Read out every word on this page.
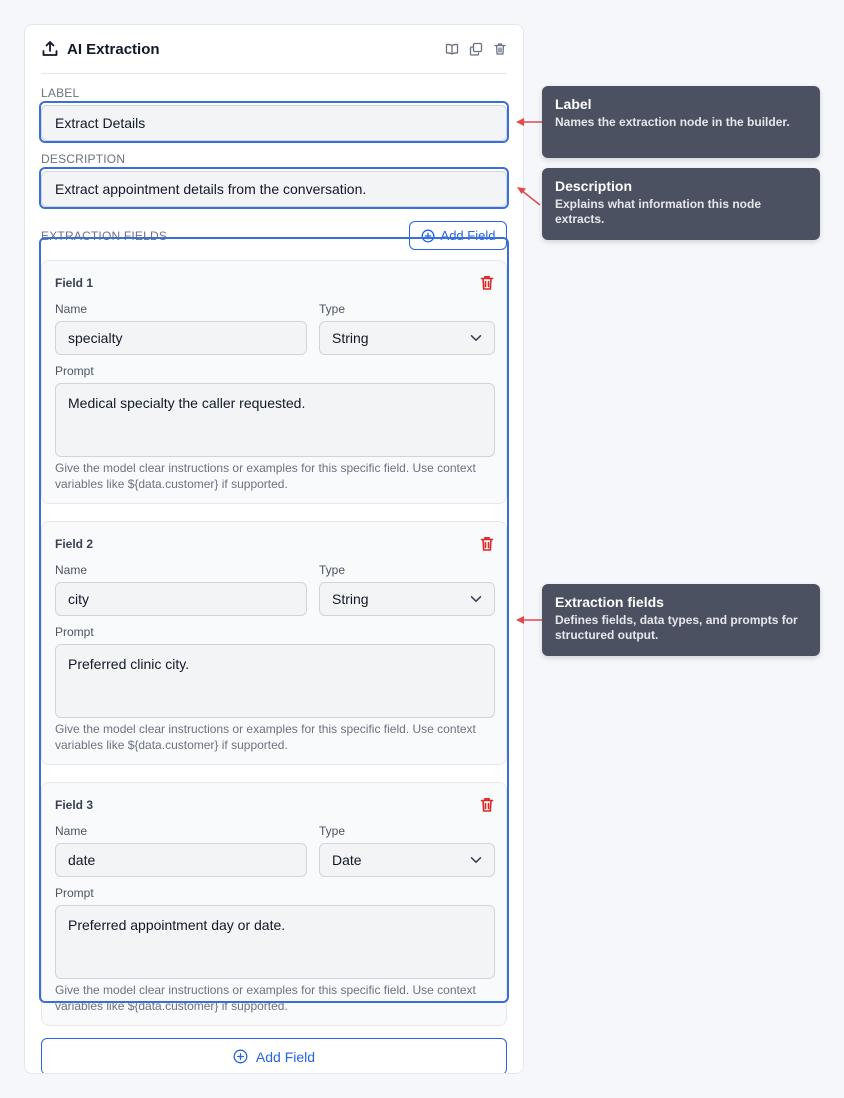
AI Extraction
LABEL
Extract Details
DESCRIPTION
Extract appointment details from the conversation.
EXTRACTION FIELDS	Add Field
Field 1
Name	Type
specialty	String
Prompt
Medical specialty the caller requested.
Give the model clear instructions or examples for this specific field. Use context variables like ${data.customer} if supported.
Field 2
Name	Type
city	String
Prompt
Preferred clinic city.
Give the model clear instructions or examples for this specific field. Use context variables like ${data.customer} if supported.
Field 3
Name	Type
date	Date
Prompt
Preferred appointment day or date.
Give the model clear instructions or examples for this specific field. Use context variables like ${data.customer} if supported.
Add Field
Label
Names the extraction node in the builder.
Description
Explains what information this node extracts.
Extraction fields
Defines fields, data types, and prompts for structured output.
